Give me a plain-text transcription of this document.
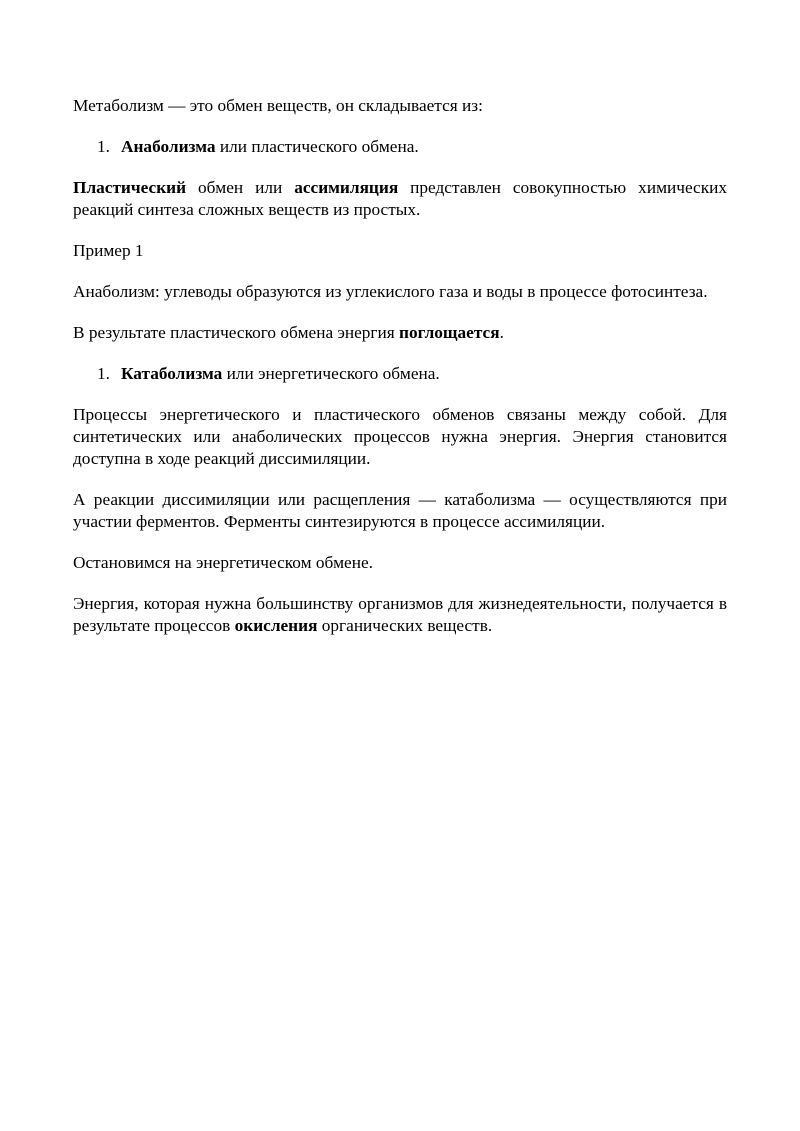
Метаболизм — это обмен веществ, он складывается из:

1. Анаболизма или пластического обмена.

Пластический обмен или ассимиляция представлен совокупностью химических реакций синтеза сложных веществ из простых.

Пример 1

Анаболизм: углеводы образуются из углекислого газа и воды в процессе фотосинтеза.

В результате пластического обмена энергия поглощается.

1. Катаболизма или энергетического обмена.

Процессы энергетического и пластического обменов связаны между собой. Для синтетических или анаболических процессов нужна энергия. Энергия становится доступна в ходе реакций диссимиляции.

А реакции диссимиляции или расщепления — катаболизма — осуществляются при участии ферментов. Ферменты синтезируются в процессе ассимиляции.

Остановимся на энергетическом обмене.

Энергия, которая нужна большинству организмов для жизнедеятельности, получается в результате процессов окисления органических веществ.
